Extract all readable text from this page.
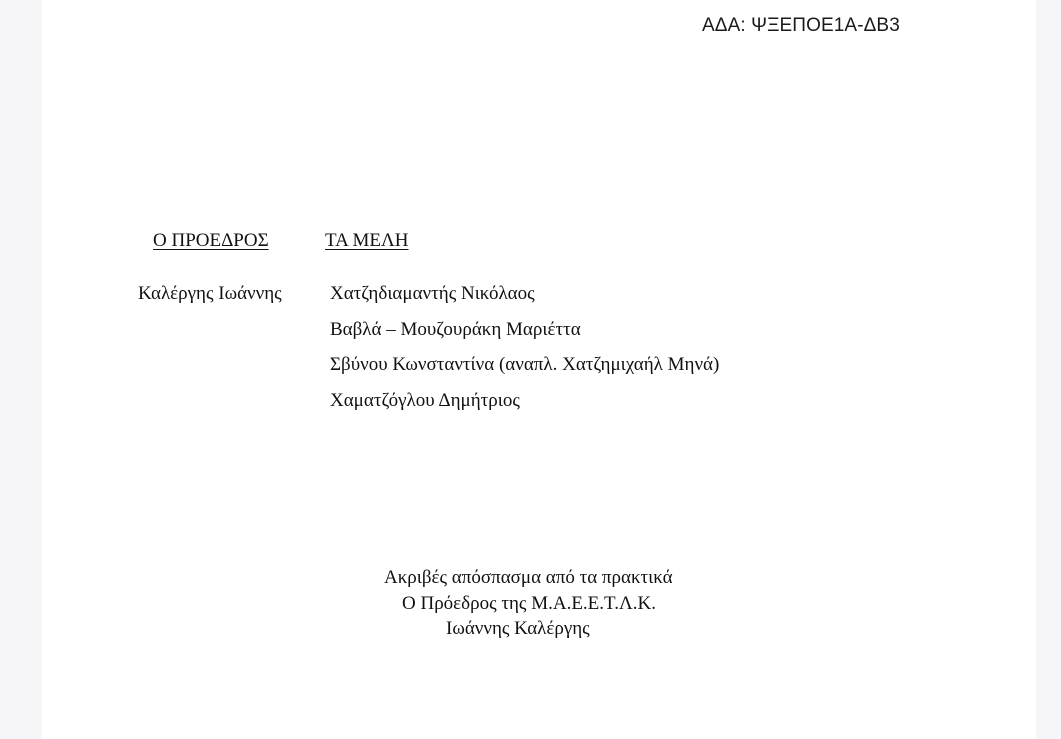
ΑΔΑ: ΨΞΕΠΟΕ1Α-ΔΒ3
Ο ΠΡΟΕΔΡΟΣ	ΤΑ ΜΕΛΗ
Καλέργης Ιωάννης	Χατζηδιαμαντής Νικόλαος
Βαβλά – Μουζουράκη Μαριέττα
Σβύνου Κωνσταντίνα (αναπλ. Χατζημιχαήλ Μηνά)
Χαματζόγλου Δημήτριος
Ακριβές απόσπασμα από τα πρακτικά
Ο Πρόεδρος της Μ.Α.Ε.Ε.Τ.Λ.Κ.
Ιωάννης Καλέργης
